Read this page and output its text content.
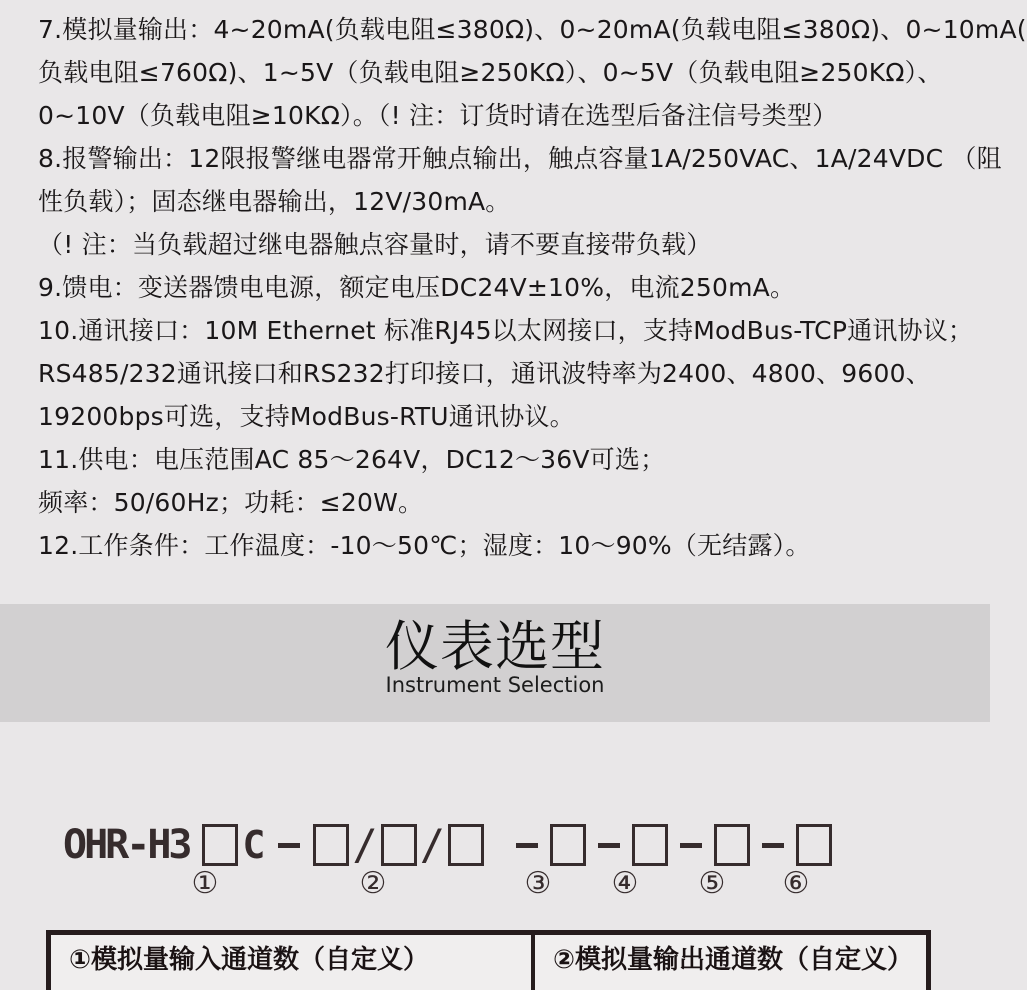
7.模拟量输出：4~20mA(负载电阻≤380Ω)、0~20mA(负载电阻≤380Ω)、0~10mA(
负载电阻≤760Ω)、1~5V（负载电阻≥250KΩ）、0~5V（负载电阻≥250KΩ）、
0~10V（负载电阻≥10KΩ）。（! 注：订货时请在选型后备注信号类型）
8.报警输出：12限报警继电器常开触点输出，触点容量1A/250VAC、1A/24VDC （阻
性负载）；固态继电器输出，12V/30mA。
（! 注：当负载超过继电器触点容量时，请不要直接带负载）
9.馈电：变送器馈电电源，额定电压DC24V±10%，电流250mA。
10.通讯接口：10M Ethernet 标准RJ45以太网接口，支持ModBus-TCP通讯协议；
RS485/232通讯接口和RS232打印接口，通讯波特率为2400、4800、9600、
19200bps可选，支持ModBus-RTU通讯协议。
11.供电：电压范围AC 85～264V，DC12～36V可选；
频率：50/60Hz；功耗：≤20W。
12.工作条件：工作温度：-10～50℃；湿度：10～90%（无结露）。
仪表选型
Instrument Selection
OHR-H3 C / /
①	②	③ ④ ⑤ ⑥
①模拟量输入通道数（自定义）	②模拟量输出通道数（自定义）
